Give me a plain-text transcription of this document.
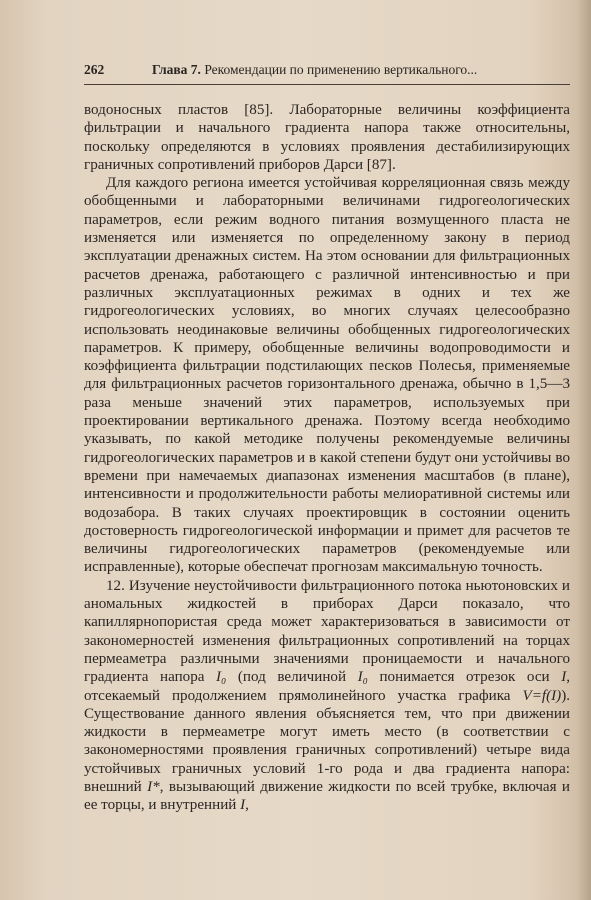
262	Глава 7. Рекомендации по применению вертикального...

водоносных пластов [85]. Лабораторные величины коэффициента фильтрации и начального градиента напора также относительны, поскольку определяются в условиях проявления дестабилизирующих граничных сопротивлений приборов Дарси [87].

Для каждого региона имеется устойчивая корреляционная связь между обобщенными и лабораторными величинами гидрогеологических параметров, если режим водного питания возмущенного пласта не изменяется или изменяется по определенному закону в период эксплуатации дренажных систем. На этом основании для фильтрационных расчетов дренажа, работающего с различной интенсивностью и при различных эксплуатационных режимах в одних и тех же гидрогеологических условиях, во многих случаях целесообразно использовать неодинаковые величины обобщенных гидрогеологических параметров. К примеру, обобщенные величины водопроводимости и коэффициента фильтрации подстилающих песков Полесья, применяемые для фильтрационных расчетов горизонтального дренажа, обычно в 1,5—3 раза меньше значений этих параметров, используемых при проектировании вертикального дренажа. Поэтому всегда необходимо указывать, по какой методике получены рекомендуемые величины гидрогеологических параметров и в какой степени будут они устойчивы во времени при намечаемых диапазонах изменения масштабов (в плане), интенсивности и продолжительности работы мелиоративной системы или водозабора. В таких случаях проектировщик в состоянии оценить достоверность гидрогеологической информации и примет для расчетов те величины гидрогеологических параметров (рекомендуемые или исправленные), которые обеспечат прогнозам максимальную точность.

12. Изучение неустойчивости фильтрационного потока ньютоновских и аномальных жидкостей в приборах Дарси показало, что капиллярнопористая среда может характеризоваться в зависимости от закономерностей изменения фильтрационных сопротивлений на торцах пермеаметра различными значениями проницаемости и начального градиента напора I₀ (под величиной I₀ понимается отрезок оси I, отсекаемый продолжением прямолинейного участка графика V=f(I)). Существование данного явления объясняется тем, что при движении жидкости в пермеаметре могут иметь место (в соответствии с закономерностями проявления граничных сопротивлений) четыре вида устойчивых граничных условий 1-го рода и два градиента напора: внешний I*, вызывающий движение жидкости по всей трубке, включая и ее торцы, и внутренний I,
